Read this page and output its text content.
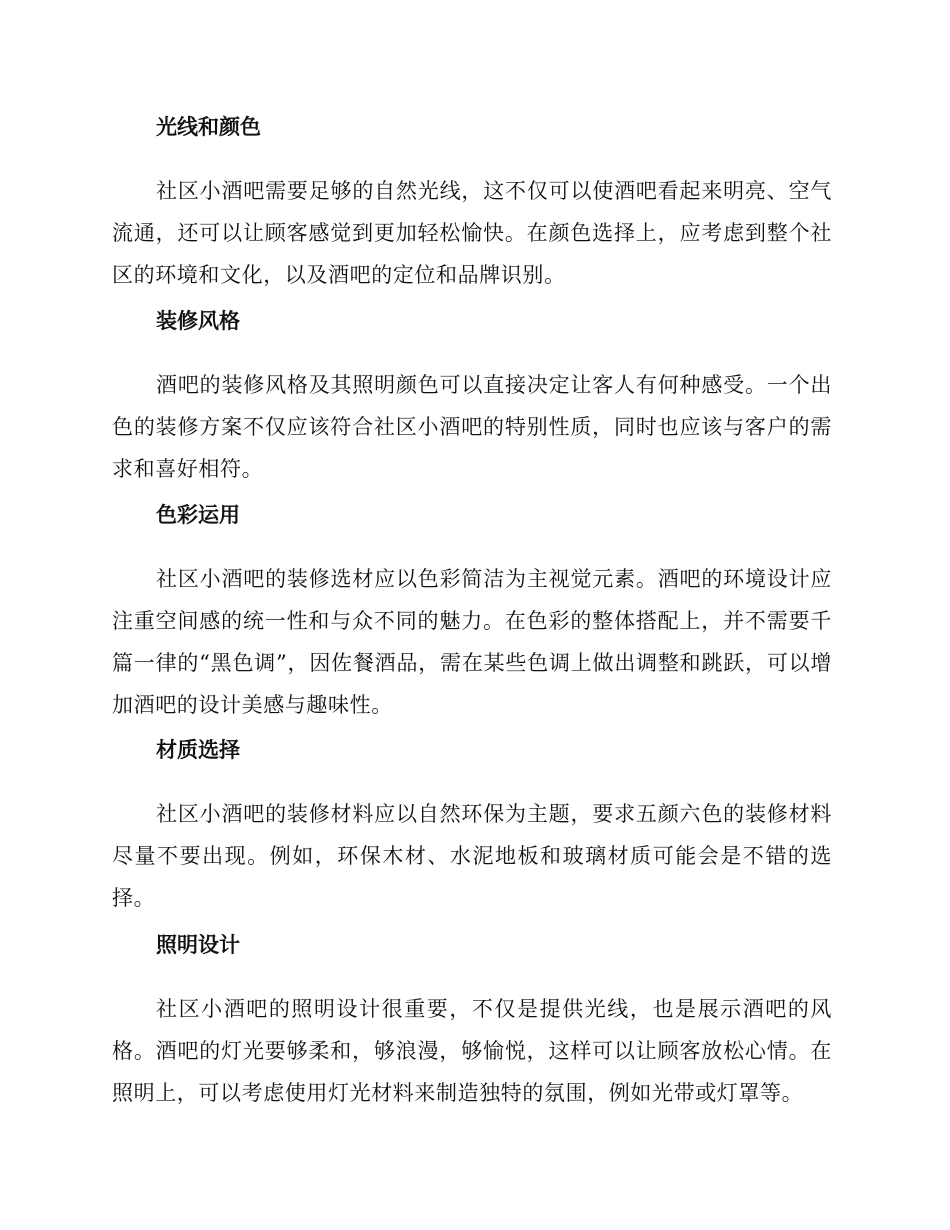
光线和颜色

社区小酒吧需要足够的自然光线，这不仅可以使酒吧看起来明亮、空气流通，还可以让顾客感觉到更加轻松愉快。在颜色选择上，应考虑到整个社区的环境和文化，以及酒吧的定位和品牌识别。

装修风格

酒吧的装修风格及其照明颜色可以直接决定让客人有何种感受。一个出色的装修方案不仅应该符合社区小酒吧的特别性质，同时也应该与客户的需求和喜好相符。

色彩运用

社区小酒吧的装修选材应以色彩简洁为主视觉元素。酒吧的环境设计应注重空间感的统一性和与众不同的魅力。在色彩的整体搭配上，并不需要千篇一律的“黑色调”，因佐餐酒品，需在某些色调上做出调整和跳跃，可以增加酒吧的设计美感与趣味性。

材质选择

社区小酒吧的装修材料应以自然环保为主题，要求五颜六色的装修材料尽量不要出现。例如，环保木材、水泥地板和玻璃材质可能会是不错的选择。

照明设计

社区小酒吧的照明设计很重要，不仅是提供光线，也是展示酒吧的风格。酒吧的灯光要够柔和，够浪漫，够愉悦，这样可以让顾客放松心情。在照明上，可以考虑使用灯光材料来制造独特的氛围，例如光带或灯罩等。
